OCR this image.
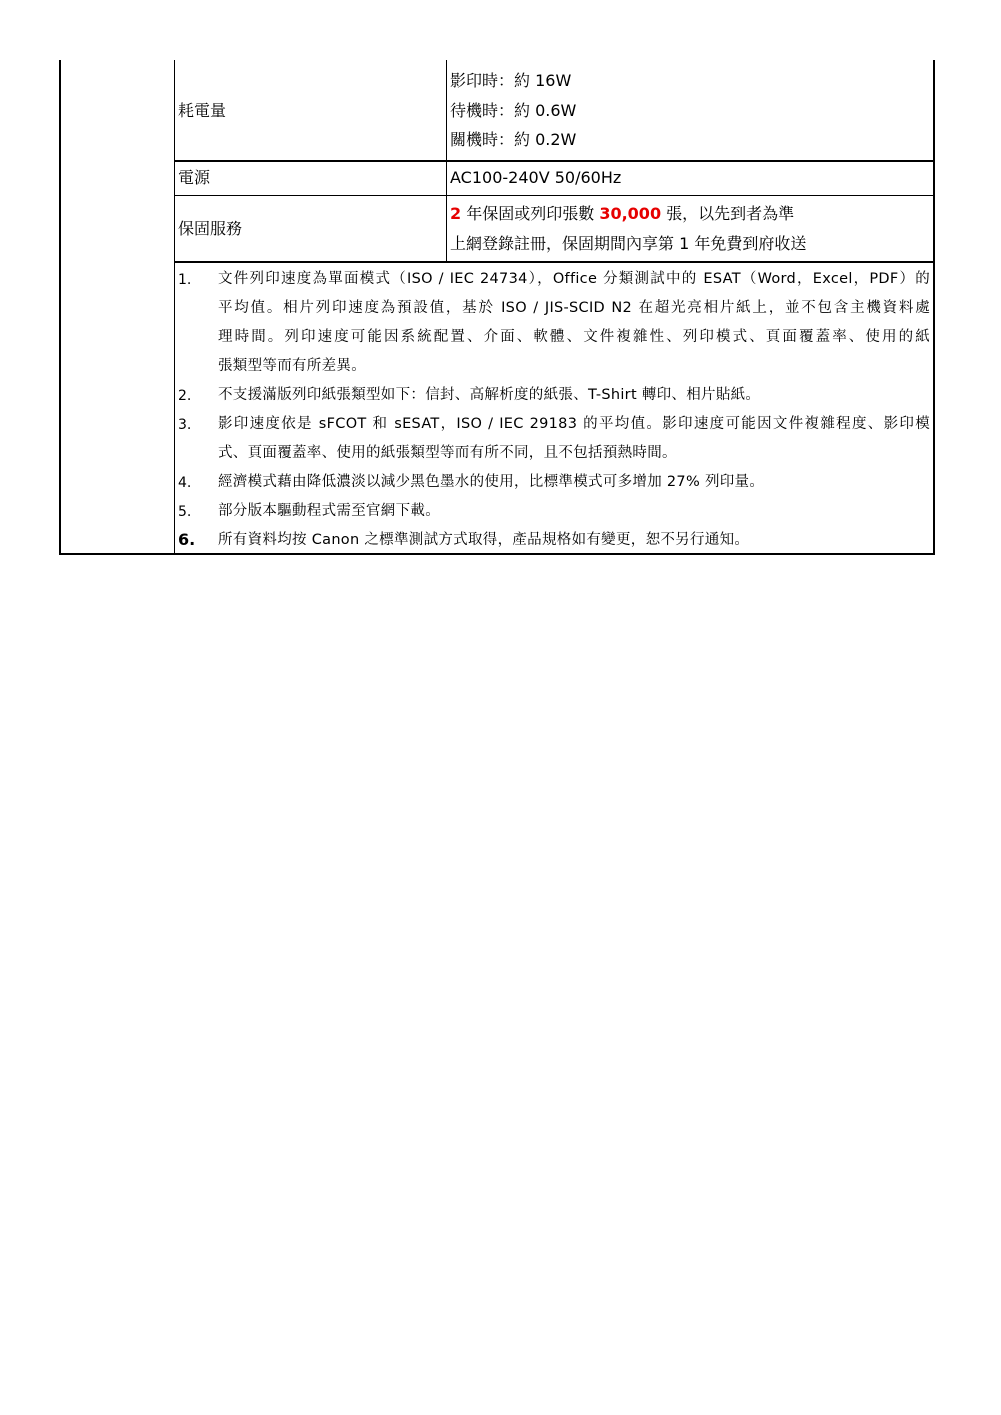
耗電量
影印時：約 16W
待機時：約 0.6W
關機時：約 0.2W
電源	AC100-240V 50/60Hz
保固服務
2 年保固或列印張數 30,000 張，以先到者為準
上網登錄註冊，保固期間內享第 1 年免費到府收送
1. 文件列印速度為單面模式（ISO / IEC 24734），Office 分類測試中的 ESAT（Word，Excel，PDF）的
平均值。相片列印速度為預設值，基於 ISO / JIS-SCID N2 在超光亮相片紙上，並不包含主機資料處
理時間。列印速度可能因系統配置、介面、軟體、文件複雜性、列印模式、頁面覆蓋率、使用的紙
張類型等而有所差異。
2. 不支援滿版列印紙張類型如下：信封、高解析度的紙張、T-Shirt 轉印、相片貼紙。
3. 影印速度依是 sFCOT 和 sESAT，ISO / IEC 29183 的平均值。影印速度可能因文件複雜程度、影印模
式、頁面覆蓋率、使用的紙張類型等而有所不同，且不包括預熱時間。
4. 經濟模式藉由降低濃淡以減少黑色墨水的使用，比標準模式可多增加 27% 列印量。
5. 部分版本驅動程式需至官網下載。
6. 所有資料均按 Canon 之標準測試方式取得，產品規格如有變更，恕不另行通知。
